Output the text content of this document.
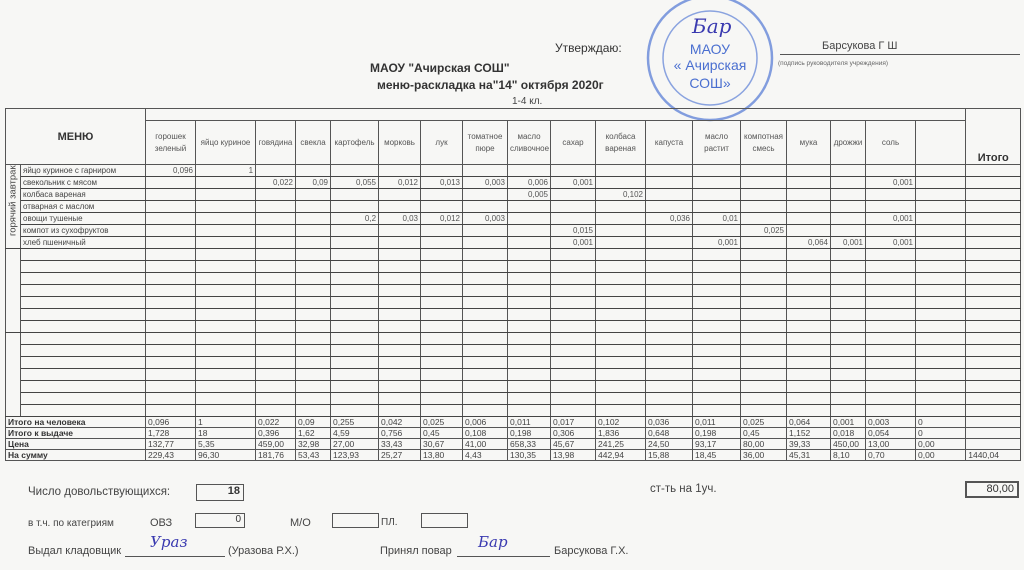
« Ачирская
МАОУ
СОШ»
Бар
Утверждаю:	Барсукова Г Ш
(подпись руководителя учреждения)
МАОУ "Ачирская СОШ"
меню-раскладка на"14" октября 2020г
1-4 кл.
МЕНЮ																				Итого
		горошек зеленый	яйцо куриное	говядина	свекла	картофель	морковь	лук	томатное пюре	масло сливочное	сахар	колбаса вареная	капуста	масло растит	компотная смесь	мука	дрожжи	соль		
горячий завтрак	яйцо куриное с гарниром	0,096	1																	
	свекольник с мясом			0,022	0,09	0,055	0,012	0,013	0,003	0,006	0,001							0,001		
	колбаса вареная									0,005		0,102								
	отварная с маслом																			
	овощи тушеные					0,2	0,03	0,012	0,003				0,036	0,01				0,001		
	компот из сухофруктов										0,015				0,025					
	хлеб пшеничный										0,001			0,001		0,064	0,001	0,001		

Итого на человека		0,096	1	0,022	0,09	0,255	0,042	0,025	0,006	0,011	0,017	0,102	0,036	0,011	0,025	0,064	0,001	0,003	0	
Итого к выдаче		1,728	18	0,396	1,62	4,59	0,756	0,45	0,108	0,198	0,306	1,836	0,648	0,198	0,45	1,152	0,018	0,054	0	
Цена		132,77	5,35	459,00	32,98	27,00	33,43	30,67	41,00	658,33	45,67	241,25	24,50	93,17	80,00	39,33	450,00	13,00	0,00	
На сумму		229,43	96,30	181,76	53,43	123,93	25,27	13,80	4,43	130,35	13,98	442,94	15,88	18,45	36,00	45,31	8,10	0,70	0,00	1440,04
Число довольствующихся:	18	ст-ть на 1уч.	80,00
в т.ч. по категриям	ОВЗ	0	М/О	ПЛ.
Выдал кладовщик Ураз	(Уразова Р.Х.)	Принял повар Бар	Барсукова Г.Х.
